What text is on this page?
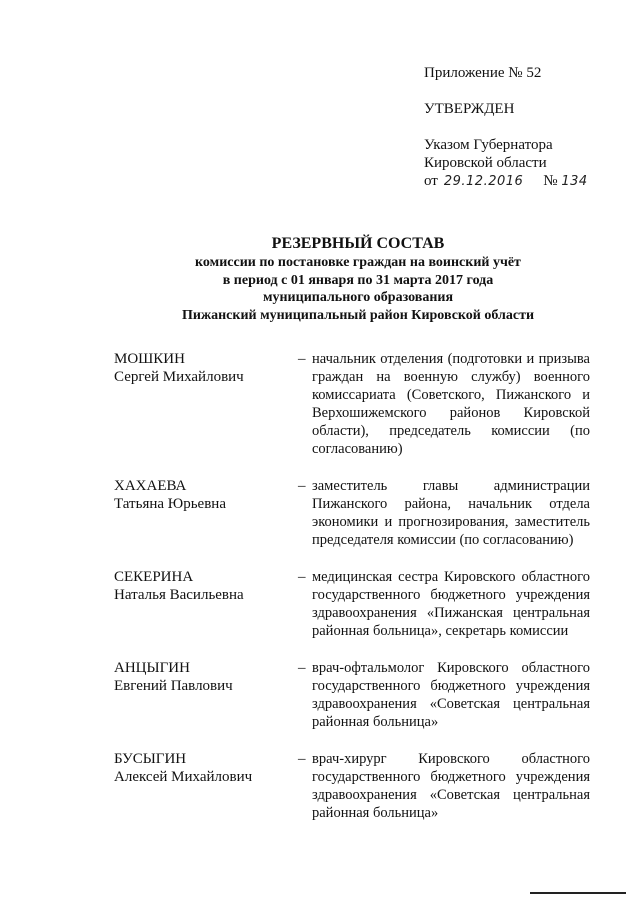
Приложение № 52
УТВЕРЖДЕН
Указом Губернатора
Кировской области
от 29.12.2016 № 134
РЕЗЕРВНЫЙ СОСТАВ
комиссии по постановке граждан на воинский учёт
в период с 01 января по 31 марта 2017 года
муниципального образования
Пижанский муниципальный район Кировской области
МОШКИН
Сергей Михайлович
– начальник отделения (подготовки и призыва граждан на военную службу) военного комиссариата (Советского, Пижанского и Верхошижемского районов Кировской области), председатель комиссии (по согласованию)
ХАХАЕВА
Татьяна Юрьевна
– заместитель главы администрации Пижанского района, начальник отдела экономики и прогнозирования, заместитель председателя комиссии (по согласованию)
СЕКЕРИНА
Наталья Васильевна
– медицинская сестра Кировского областного государственного бюджетного учреждения здравоохранения «Пижанская центральная районная больница», секретарь комиссии
АНЦЫГИН
Евгений Павлович
– врач-офтальмолог Кировского областного государственного бюджетного учреждения здравоохранения «Советская центральная районная больница»
БУСЫГИН
Алексей Михайлович
– врач-хирург Кировского областного государственного бюджетного учреждения здравоохранения «Советская центральная районная больница»
